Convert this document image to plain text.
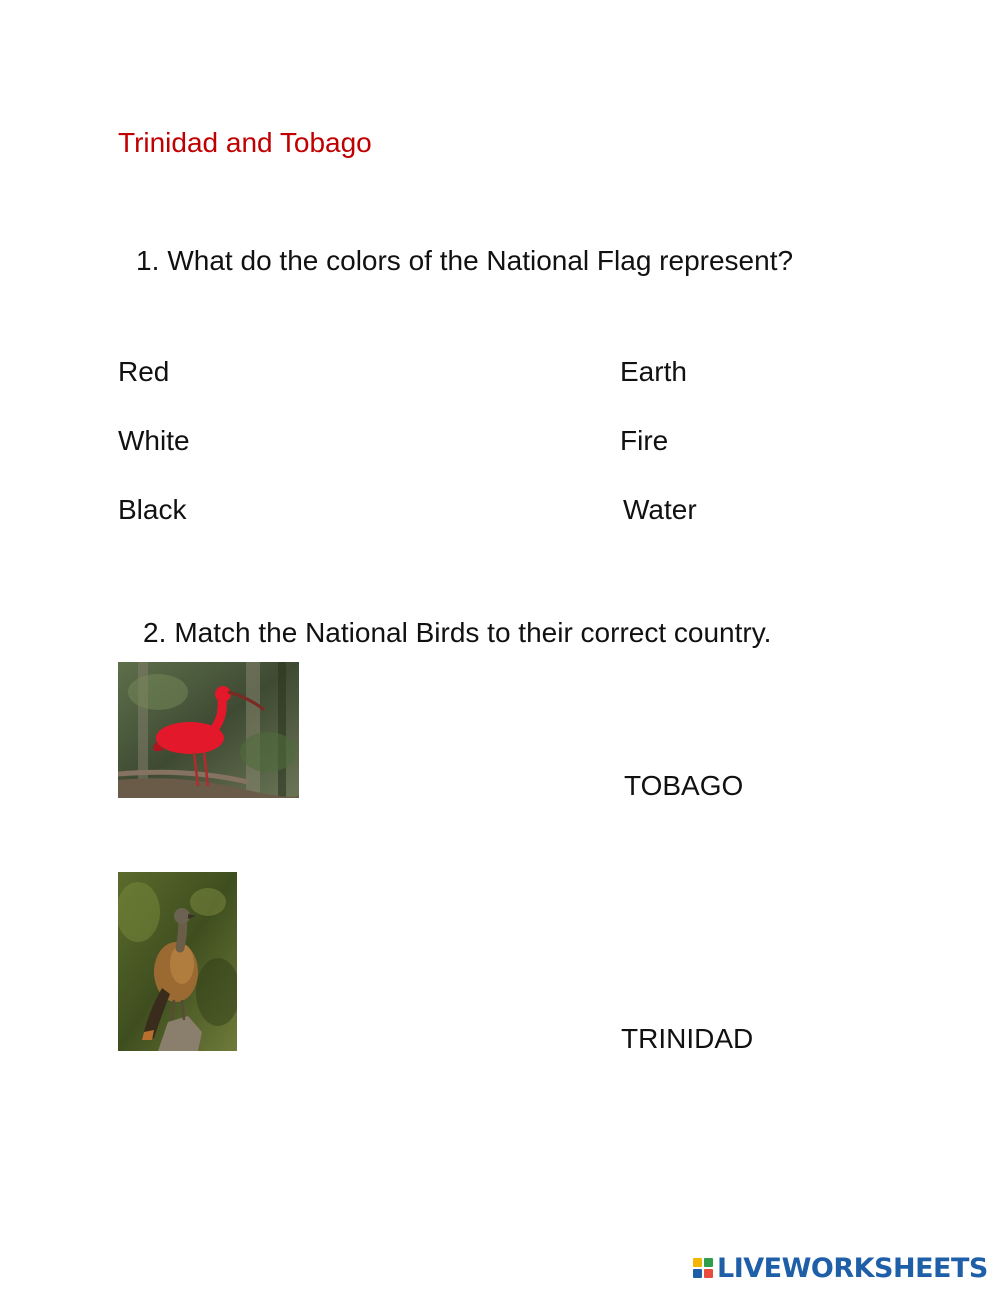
Trinidad and Tobago
1. What do the colors of the National Flag represent?
Red
White
Black
Earth
Fire
Water
2. Match the National Birds to their correct country.
TOBAGO
TRINIDAD
LIVEWORKSHEETS
